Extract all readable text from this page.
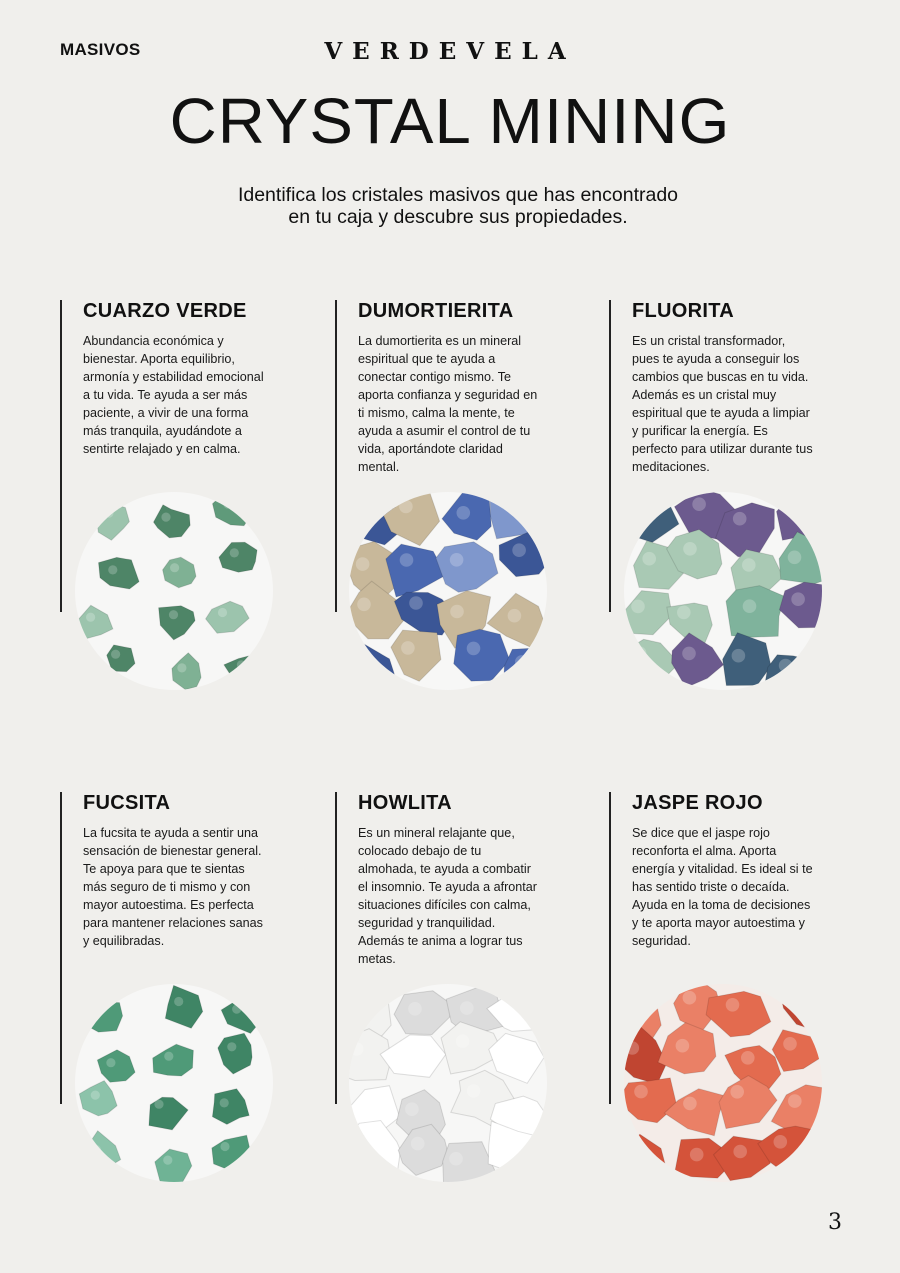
MASIVOS	VERDEVELA
CRYSTAL MINING
Identifica los cristales masivos que has encontrado
en tu caja y descubre sus propiedades.
CUARZO VERDE

Abundancia económica y bienestar. Aporta equilibrio, armonía y estabilidad emocional a tu vida. Te ayuda a ser más paciente, a vivir de una forma más tranquila, ayudándote a sentirte relajado y en calma.

DUMORTIERITA

La dumortierita es un mineral espiritual que te ayuda a conectar contigo mismo. Te aporta confianza y seguridad en ti mismo, calma la mente, te ayuda a asumir el control de tu vida, aportándote claridad mental.

FLUORITA

Es un cristal transformador, pues te ayuda a conseguir los cambios que buscas en tu vida. Además es un cristal muy espiritual que te ayuda a limpiar y purificar la energía. Es perfecto para utilizar durante tus meditaciones.

FUCSITA

La fucsita te ayuda a sentir una sensación de bienestar general. Te apoya para que te sientas más seguro de ti mismo y con mayor autoestima. Es perfecta para mantener relaciones sanas y equilibradas.

HOWLITA

Es un mineral relajante que, colocado debajo de tu almohada, te ayuda a combatir el insomnio. Te ayuda a afrontar situaciones difíciles con calma, seguridad y tranquilidad. Además te anima a lograr tus metas.

JASPE ROJO

Se dice que el jaspe rojo reconforta el alma. Aporta energía y vitalidad. Es ideal si te has sentido triste o decaída. Ayuda en la toma de decisiones y te aporta mayor autoestima y seguridad.

3
